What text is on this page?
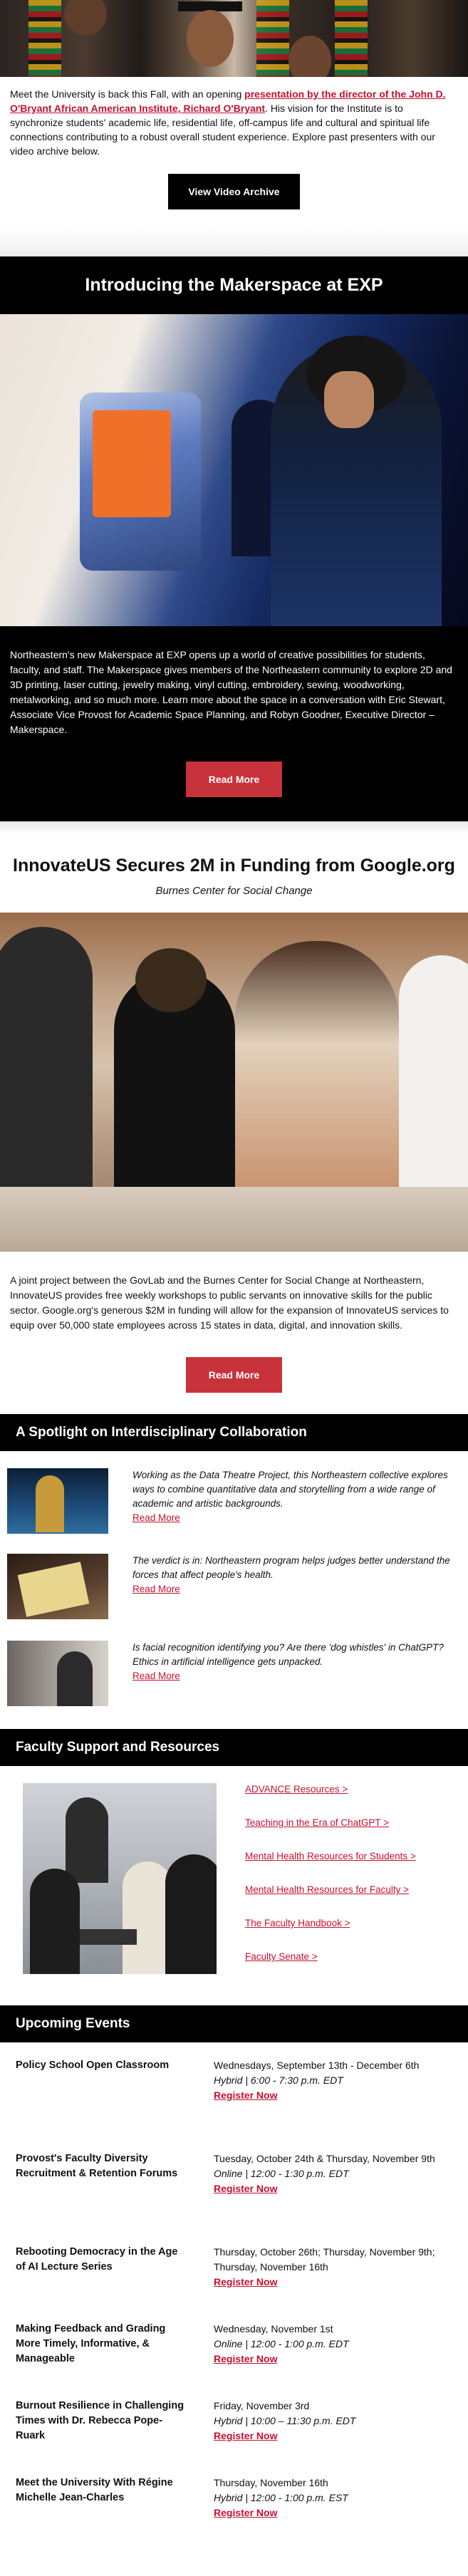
Meet the University is back this Fall, with an opening presentation by the director of the John D. O'Bryant African American Institute, Richard O'Bryant. His vision for the Institute is to synchronize students' academic life, residential life, off-campus life and cultural and spiritual life connections contributing to a robust overall student experience. Explore past presenters with our video archive below.
View Video Archive
Introducing the Makerspace at EXP

Northeastern's new Makerspace at EXP opens up a world of creative possibilities for students, faculty, and staff. The Makerspace gives members of the Northeastern community to explore 2D and 3D printing, laser cutting, jewelry making, vinyl cutting, embroidery, sewing, woodworking, metalworking, and so much more. Learn more about the space in a conversation with Eric Stewart, Associate Vice Provost for Academic Space Planning, and Robyn Goodner, Executive Director – Makerspace.

Read More
InnovateUS Secures 2M in Funding from Google.org

Burnes Center for Social Change

A joint project between the GovLab and the Burnes Center for Social Change at Northeastern, InnovateUS provides free weekly workshops to public servants on innovative skills for the public sector. Google.org's generous $2M in funding will allow for the expansion of InnovateUS services to equip over 50,000 state employees across 15 states in data, digital, and innovation skills.

Read More
A Spotlight on Interdisciplinary Collaboration

Working as the Data Theatre Project, this Northeastern collective explores ways to combine quantitative data and storytelling from a wide range of academic and artistic backgrounds.

Read More

The verdict is in: Northeastern program helps judges better understand the forces that affect people's health.

Read More

Is facial recognition identifying you? Are there 'dog whistles' in ChatGPT? Ethics in artificial intelligence gets unpacked.

Read More
Faculty Support and Resources
ADVANCE Resources >
Teaching in the Era of ChatGPT >
Mental Health Resources for Students >
Mental Health Resources for Faculty >
The Faculty Handbook >
Faculty Senate >
Upcoming Events
Policy School Open Classroom	Wednesdays, September 13th - December 6th
Hybrid | 6:00 - 7:30 p.m. EDT
Register Now
Provost's Faculty Diversity Recruitment & Retention Forums
Tuesday, October 24th & Thursday, November 9th
Online | 12:00 - 1:30 p.m. EDT
Register Now
Rebooting Democracy in the Age of AI Lecture Series
Thursday, October 26th; Thursday, November 9th; Thursday, November 16th
Register Now
Making Feedback and Grading More Timely, Informative, & Manageable
Wednesday, November 1st
Online | 12:00 - 1:00 p.m. EDT
Register Now
Burnout Resilience in Challenging Times with Dr. Rebecca Pope-Ruark
Friday, November 3rd
Hybrid | 10:00 – 11:30 p.m. EDT
Register Now
Meet the University With Régine Michelle Jean-Charles
Thursday, November 16th
Hybrid | 12:00 - 1:00 p.m. EST
Register Now
